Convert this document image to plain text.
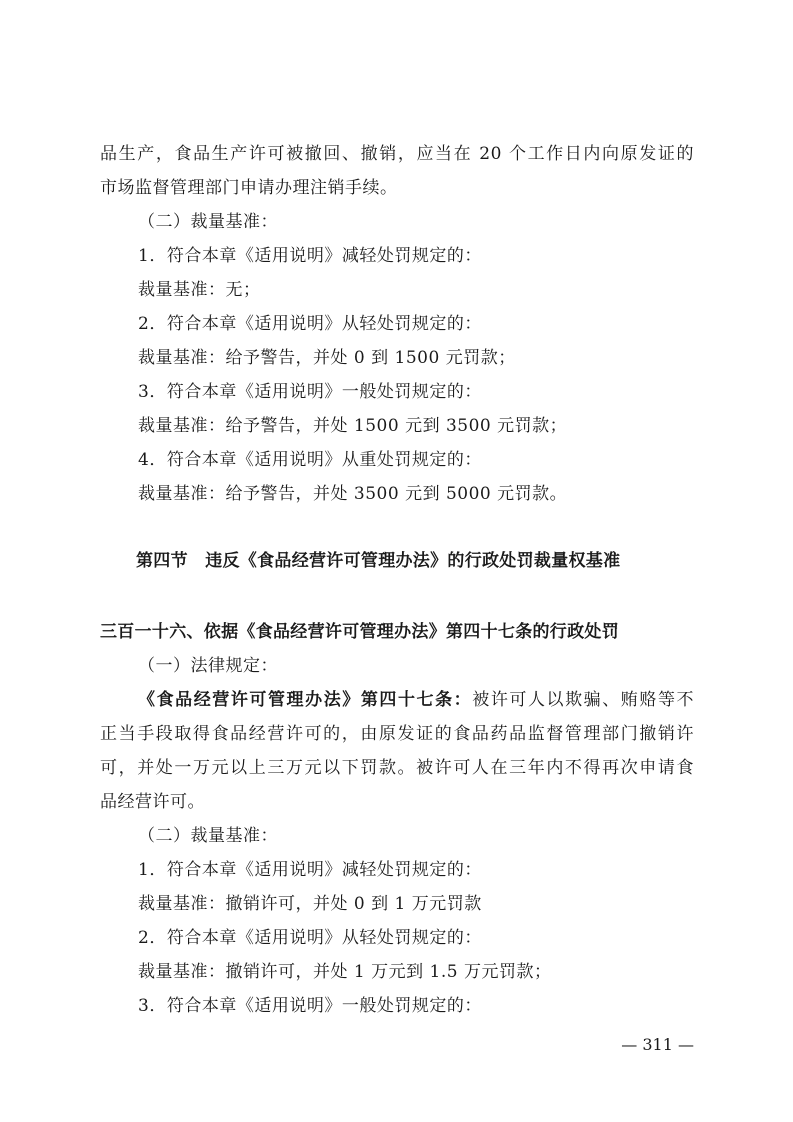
品生产，食品生产许可被撤回、撤销，应当在 20 个工作日内向原发证的
市场监督管理部门申请办理注销手续。
（二）裁量基准：
1．符合本章《适用说明》减轻处罚规定的：
裁量基准：无；
2．符合本章《适用说明》从轻处罚规定的：
裁量基准：给予警告，并处 0 到 1500 元罚款；
3．符合本章《适用说明》一般处罚规定的：
裁量基准：给予警告，并处 1500 元到 3500 元罚款；
4．符合本章《适用说明》从重处罚规定的：
裁量基准：给予警告，并处 3500 元到 5000 元罚款。
第四节　违反《食品经营许可管理办法》的行政处罚裁量权基准
三百一十六、依据《食品经营许可管理办法》第四十七条的行政处罚
（一）法律规定：
《食品经营许可管理办法》第四十七条：被许可人以欺骗、贿赂等不
正当手段取得食品经营许可的，由原发证的食品药品监督管理部门撤销许
可，并处一万元以上三万元以下罚款。被许可人在三年内不得再次申请食
品经营许可。
（二）裁量基准：
1．符合本章《适用说明》减轻处罚规定的：
裁量基准：撤销许可，并处 0 到 1 万元罚款
2．符合本章《适用说明》从轻处罚规定的：
裁量基准：撤销许可，并处 1 万元到 1.5 万元罚款；
3．符合本章《适用说明》一般处罚规定的：
— 311 —
